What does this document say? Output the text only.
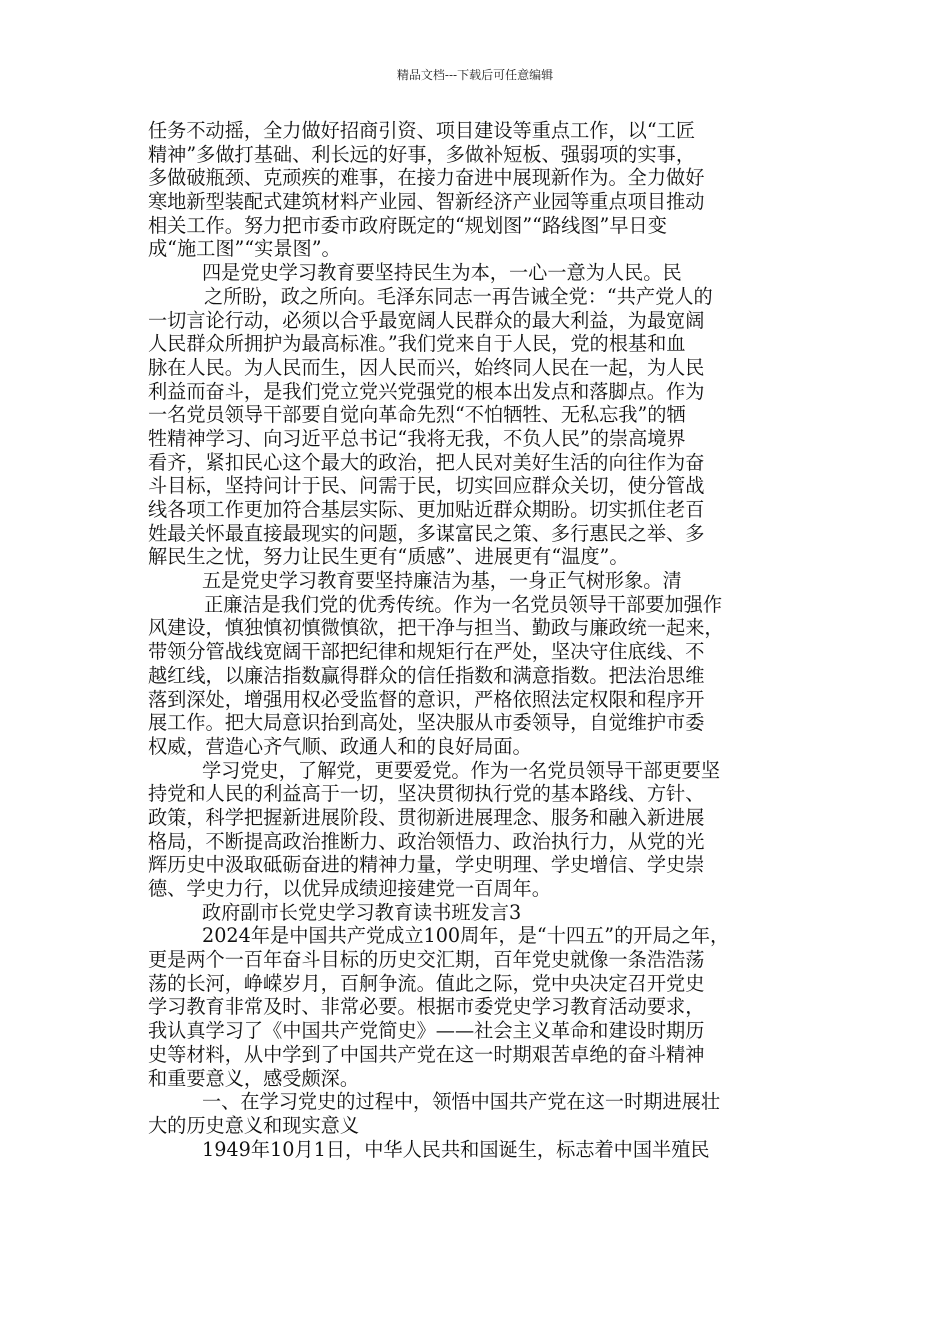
精品文档---下载后可任意编辑
任务不动摇，全力做好招商引资、项目建设等重点工作，以“工匠
精神”多做打基础、利长远的好事，多做补短板、强弱项的实事，
多做破瓶颈、克顽疾的难事，在接力奋进中展现新作为。全力做好
寒地新型装配式建筑材料产业园、智新经济产业园等重点项目推动
相关工作。努力把市委市政府既定的“规划图”“路线图”早日变
成“施工图”“实景图”。
四是党史学习教育要坚持民生为本，一心一意为人民。民
之所盼，政之所向。毛泽东同志一再告诫全党：“共产党人的
一切言论行动，必须以合乎最宽阔人民群众的最大利益，为最宽阔
人民群众所拥护为最高标准。”我们党来自于人民，党的根基和血
脉在人民。为人民而生，因人民而兴，始终同人民在一起，为人民
利益而奋斗，是我们党立党兴党强党的根本出发点和落脚点。作为
一名党员领导干部要自觉向革命先烈“不怕牺牲、无私忘我”的牺
牲精神学习、向习近平总书记“我将无我，不负人民”的崇高境界
看齐，紧扣民心这个最大的政治，把人民对美好生活的向往作为奋
斗目标，坚持问计于民、问需于民，切实回应群众关切，使分管战
线各项工作更加符合基层实际、更加贴近群众期盼。切实抓住老百
姓最关怀最直接最现实的问题，多谋富民之策、多行惠民之举、多
解民生之忧，努力让民生更有“质感”、进展更有“温度”。
五是党史学习教育要坚持廉洁为基，一身正气树形象。清
正廉洁是我们党的优秀传统。作为一名党员领导干部要加强作
风建设，慎独慎初慎微慎欲，把干净与担当、勤政与廉政统一起来，
带领分管战线宽阔干部把纪律和规矩行在严处，坚决守住底线、不
越红线，以廉洁指数赢得群众的信任指数和满意指数。把法治思维
落到深处，增强用权必受监督的意识，严格依照法定权限和程序开
展工作。把大局意识抬到高处，坚决服从市委领导，自觉维护市委
权威，营造心齐气顺、政通人和的良好局面。
学习党史，了解党，更要爱党。作为一名党员领导干部更要坚
持党和人民的利益高于一切，坚决贯彻执行党的基本路线、方针、
政策，科学把握新进展阶段、贯彻新进展理念、服务和融入新进展
格局，不断提高政治推断力、政治领悟力、政治执行力，从党的光
辉历史中汲取砥砺奋进的精神力量，学史明理、学史增信、学史崇
德、学史力行，以优异成绩迎接建党一百周年。
政府副市长党史学习教育读书班发言3
2024年是中国共产党成立100周年，是“十四五”的开局之年，
更是两个一百年奋斗目标的历史交汇期，百年党史就像一条浩浩荡
荡的长河，峥嵘岁月，百舸争流。值此之际，党中央决定召开党史
学习教育非常及时、非常必要。根据市委党史学习教育活动要求，
我认真学习了《中国共产党简史》——社会主义革命和建设时期历
史等材料，从中学到了中国共产党在这一时期艰苦卓绝的奋斗精神
和重要意义，感受颇深。
一、在学习党史的过程中，领悟中国共产党在这一时期进展壮
大的历史意义和现实意义
1949年10月1日，中华人民共和国诞生，标志着中国半殖民
